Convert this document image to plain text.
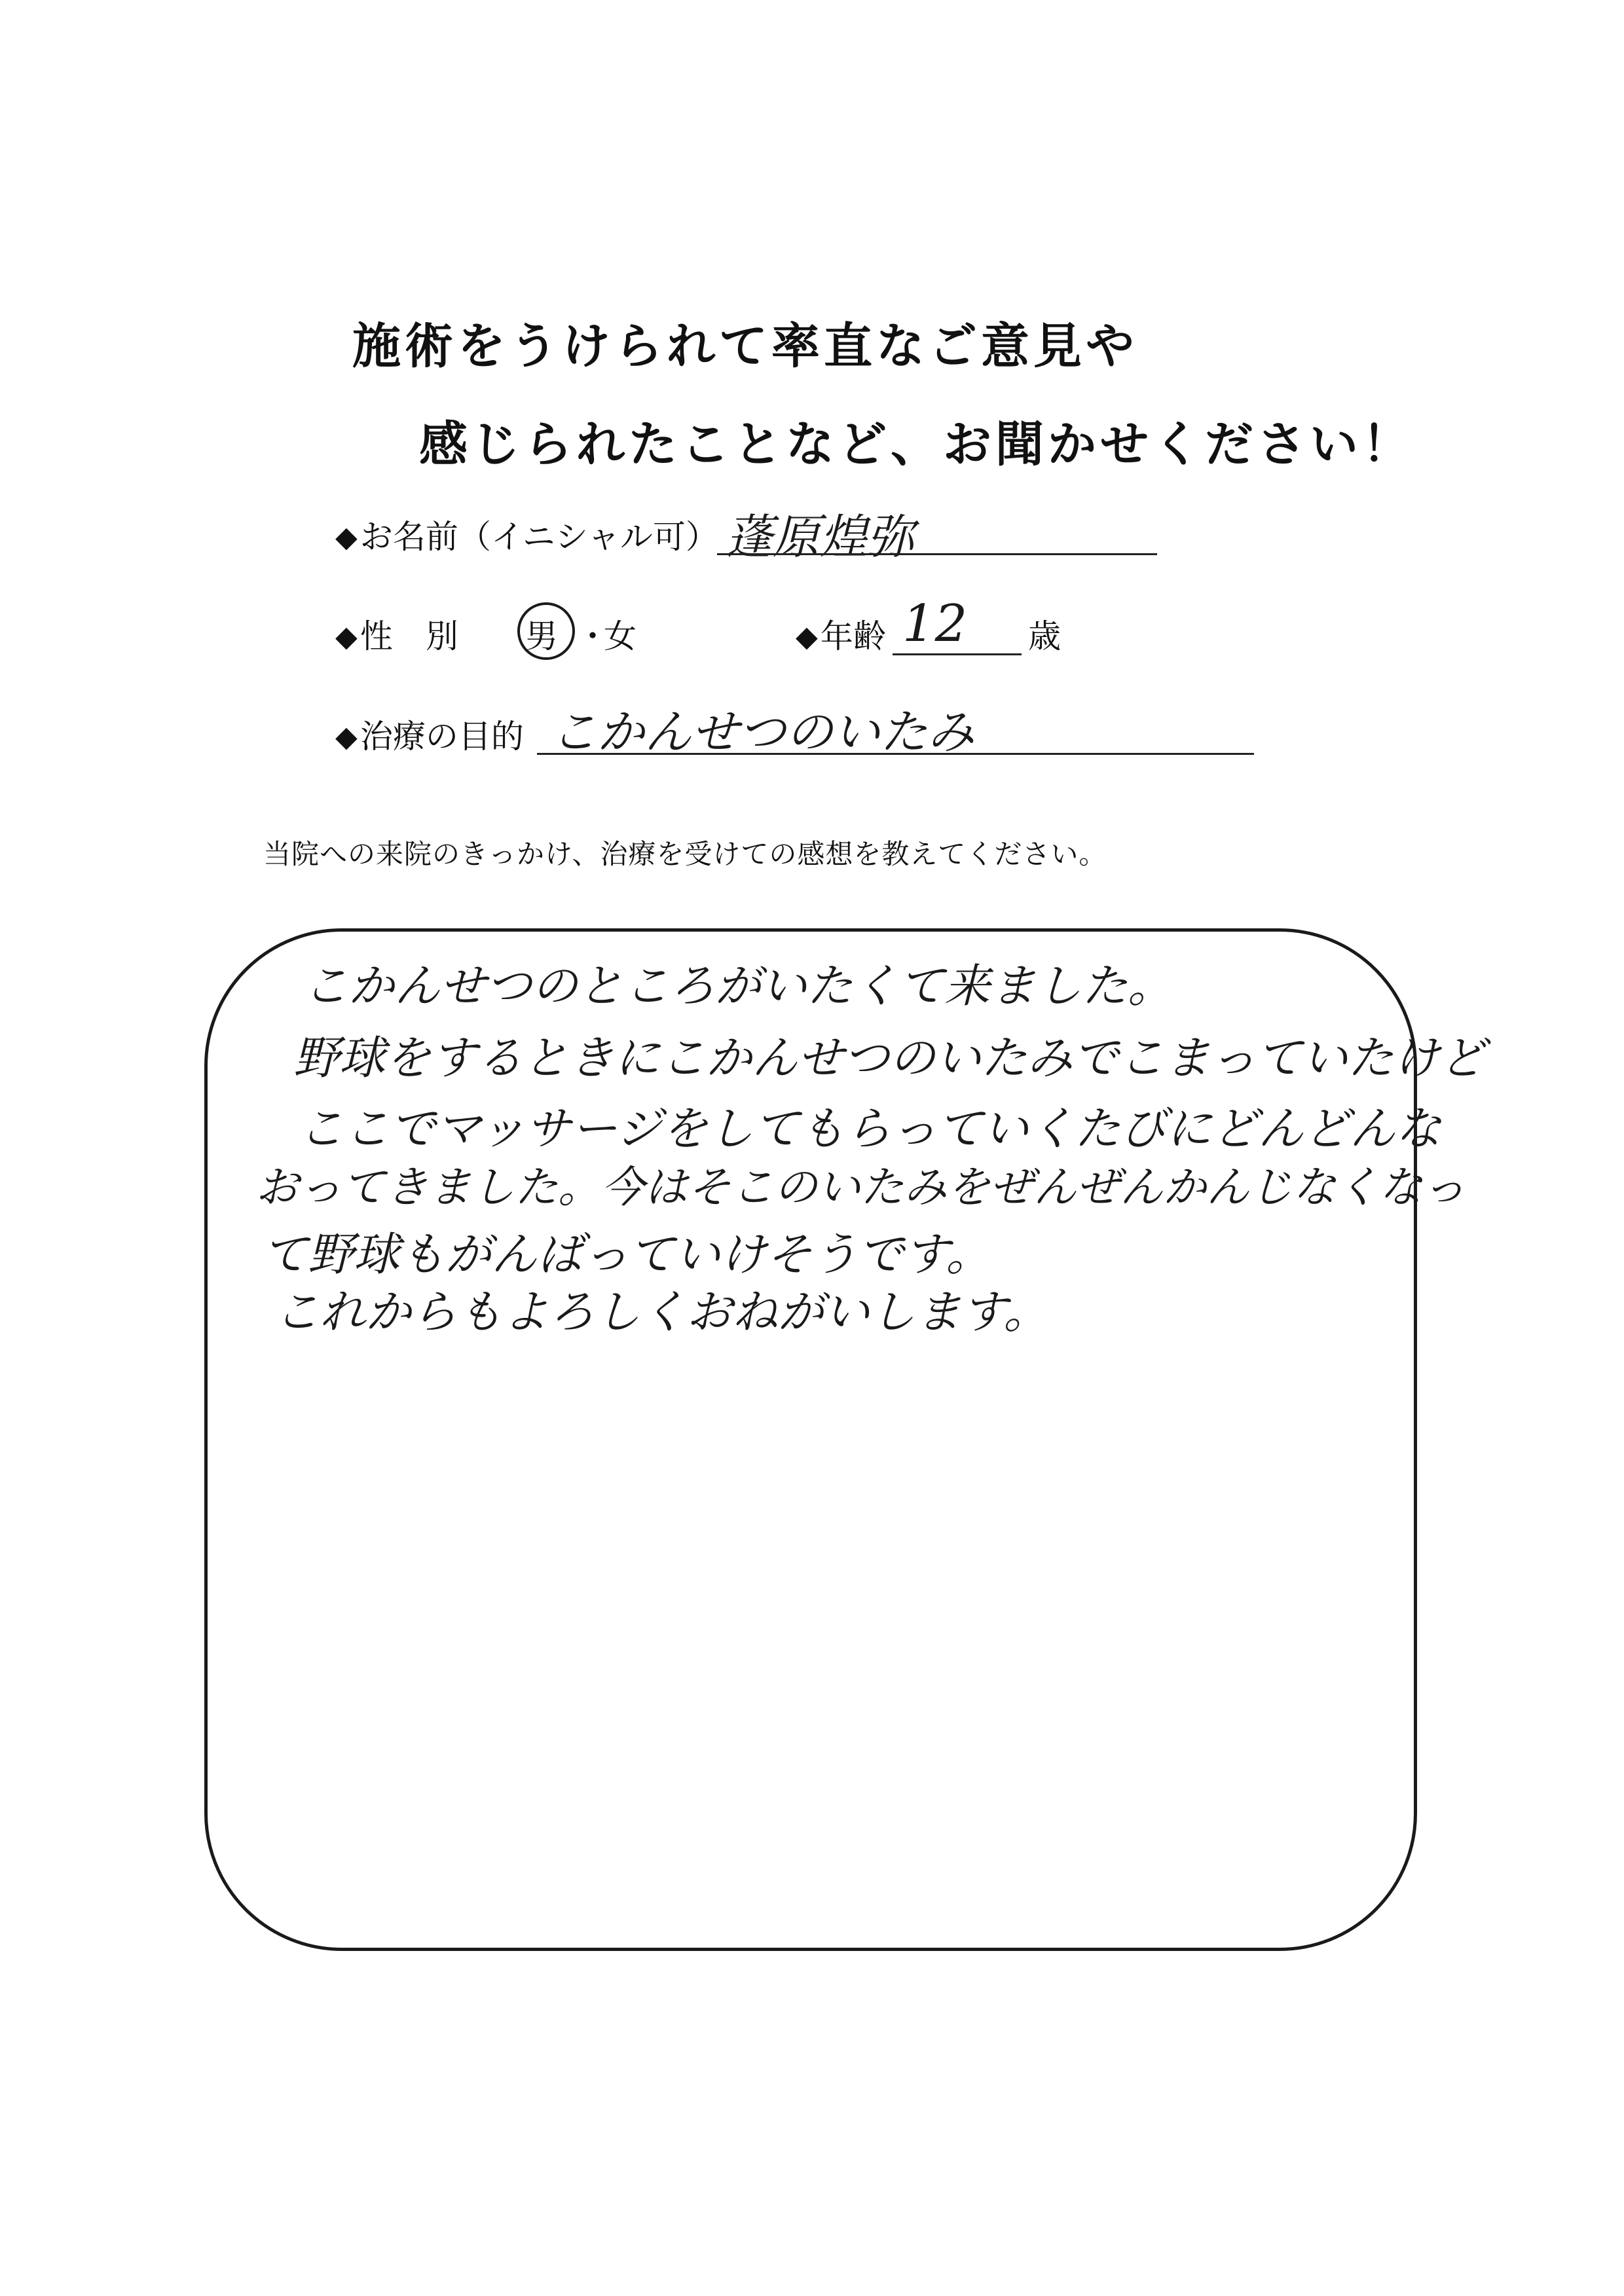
施術をうけられて率直なご意見や
感じられたことなど、お聞かせください！
◆お名前（イニシャル可） 蓬原煌弥
◆性　別 男 ・
女	◆年齢 12 歳
◆治療の目的 こかんせつのいたみ
当院への来院のきっかけ、治療を受けての感想を教えてください。
こかんせつのところがいたくて来ました。
野球をするときにこかんせつのいたみでこまっていたけど
ここでマッサージをしてもらっていくたびにどんどんな
おってきました。今はそこのいたみをぜんぜんかんじなくなっ
て野球もがんばっていけそうです。
これからもよろしくおねがいします。
